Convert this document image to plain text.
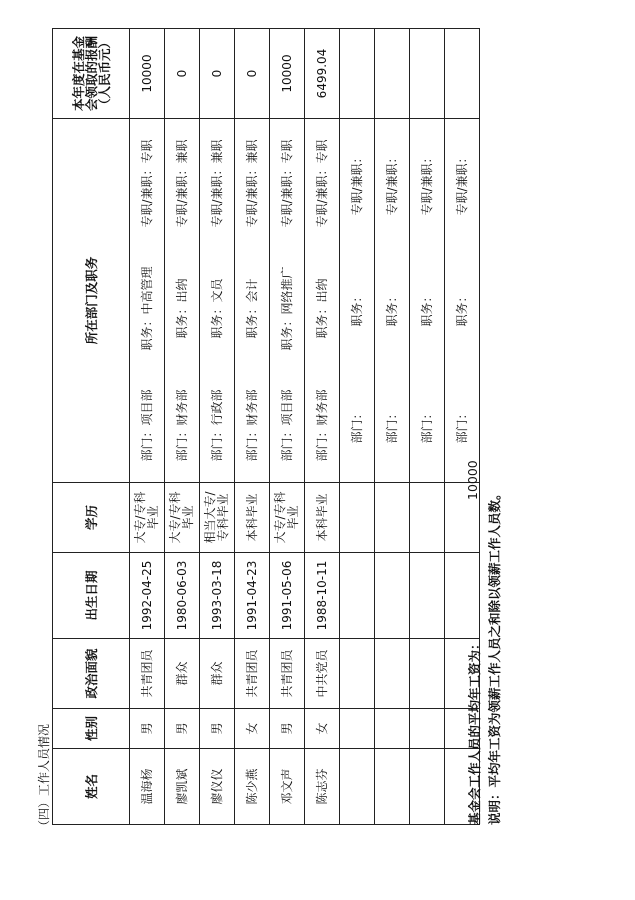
（四）工作人员情况	姓名	性别	政治面貌	出生日期	学历	所在部门及职务	本年度在基金会领取的报酬（人民币元）
温海杨	男	共青团员	1992-04-25	大专/专科毕业	部门：项目部职务：中高管理专职/兼职：专职	10000
廖凯斌	男	群众	1980-06-03	大专/专科毕业	部门：财务部职务：出纳专职/兼职：兼职	0
廖仪仪	男	群众	1993-03-18	相当大专/专科毕业	部门：行政部职务：文员专职/兼职：兼职	0
陈少燕	女	共青团员	1991-04-23	本科毕业	部门：财务部职务：会计专职/兼职：兼职	0
邓文声	男	共青团员	1991-05-06	大专/专科毕业	部门：项目部职务：网络推广专职/兼职：专职	10000
陈志芬	女	中共党员	1988-10-11	本科毕业	部门：财务部职务：出纳专职/兼职：专职	6499.04
					部门：职务：专职/兼职：	
					部门：职务：专职/兼职：	
					部门：职务：专职/兼职：	
					部门：职务：专职/兼职：	
基金会工作人员的平均年工资为：
10000
说明：平均年工资为领薪工作人员之和除以领薪工作人员数。
